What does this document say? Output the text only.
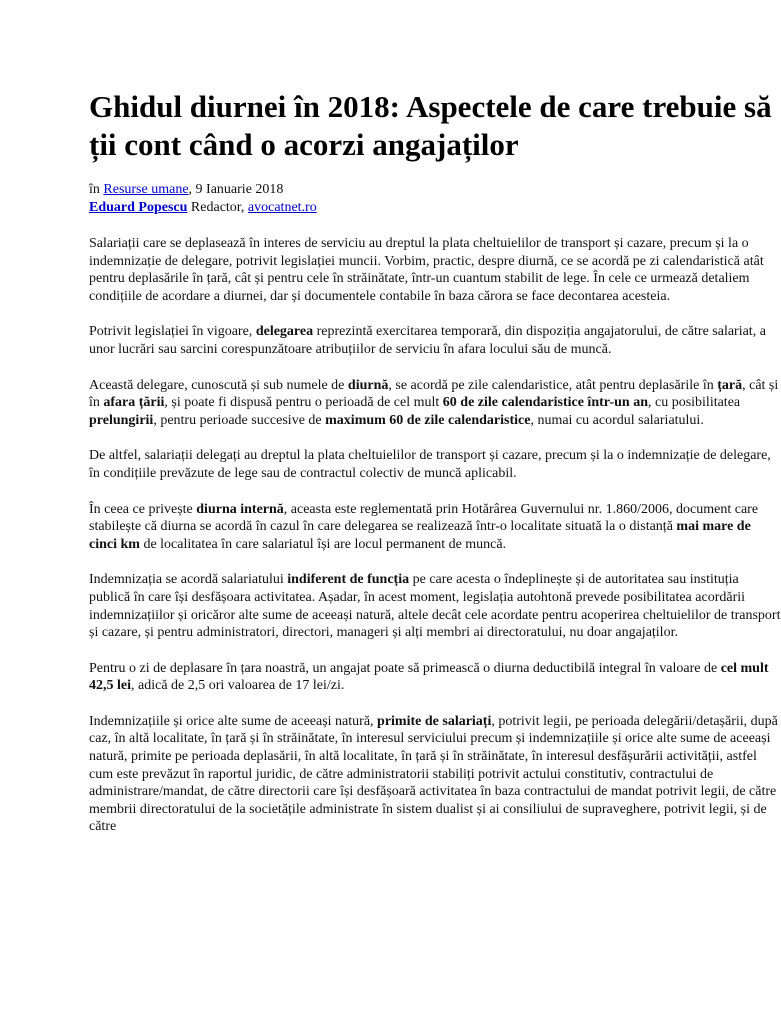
Ghidul diurnei în 2018: Aspectele de care trebuie să ții cont când o acorzi angajaților
în Resurse umane, 9 Ianuarie 2018
Eduard Popescu Redactor, avocatnet.ro

Salariații care se deplasează în interes de serviciu au dreptul la plata cheltuielilor de transport și cazare, precum și la o indemnizație de delegare, potrivit legislației muncii. Vorbim, practic, despre diurnă, ce se acordă pe zi calendaristică atât pentru deplasările în țară, cât și pentru cele în străinătate, într-un cuantum stabilit de lege. În cele ce urmează detaliem condițiile de acordare a diurnei, dar și documentele contabile în baza cărora se face decontarea acesteia.

Potrivit legislației în vigoare, delegarea reprezintă exercitarea temporară, din dispoziția angajatorului, de către salariat, a unor lucrări sau sarcini corespunzătoare atribuțiilor de serviciu în afara locului său de muncă.

Această delegare, cunoscută și sub numele de diurnă, se acordă pe zile calendaristice, atât pentru deplasările în țară, cât și în afara țării, și poate fi dispusă pentru o perioadă de cel mult 60 de zile calendaristice într-un an, cu posibilitatea prelungirii, pentru perioade succesive de maximum 60 de zile calendaristice, numai cu acordul salariatului.

De altfel, salariații delegați au dreptul la plata cheltuielilor de transport și cazare, precum și la o indemnizație de delegare, în condițiile prevăzute de lege sau de contractul colectiv de muncă aplicabil.

În ceea ce privește diurna internă, aceasta este reglementată prin Hotărârea Guvernului nr. 1.860/2006, document care stabilește că diurna se acordă în cazul în care delegarea se realizează într-o localitate situată la o distanță mai mare de cinci km de localitatea în care salariatul își are locul permanent de muncă.

Indemnizația se acordă salariatului indiferent de funcția pe care acesta o îndeplinește și de autoritatea sau instituția publică în care își desfășoara activitatea. Așadar, în acest moment, legislația autohtonă prevede posibilitatea acordării indemnizațiilor și oricăror alte sume de aceeași natură, altele decât cele acordate pentru acoperirea cheltuielilor de transport și cazare, și pentru administratori, directori, manageri și alți membri ai directoratului, nu doar angajaților.

Pentru o zi de deplasare în țara noastră, un angajat poate să primească o diurna deductibilă integral în valoare de cel mult 42,5 lei, adică de 2,5 ori valoarea de 17 lei/zi.

Indemnizațiile și orice alte sume de aceeași natură, primite de salariați, potrivit legii, pe perioada delegării/detașării, după caz, în altă localitate, în țară și în străinătate, în interesul serviciului precum și indemnizațiile și orice alte sume de aceeași natură, primite pe perioada deplasării, în altă localitate, în țară și în străinătate, în interesul desfășurării activității, astfel cum este prevăzut în raportul juridic, de către administratorii stabiliți potrivit actului constitutiv, contractului de administrare/mandat, de către directorii care își desfășoară activitatea în baza contractului de mandat potrivit legii, de către membrii directoratului de la societățile administrate în sistem dualist și ai consiliului de supraveghere, potrivit legii, și de către
